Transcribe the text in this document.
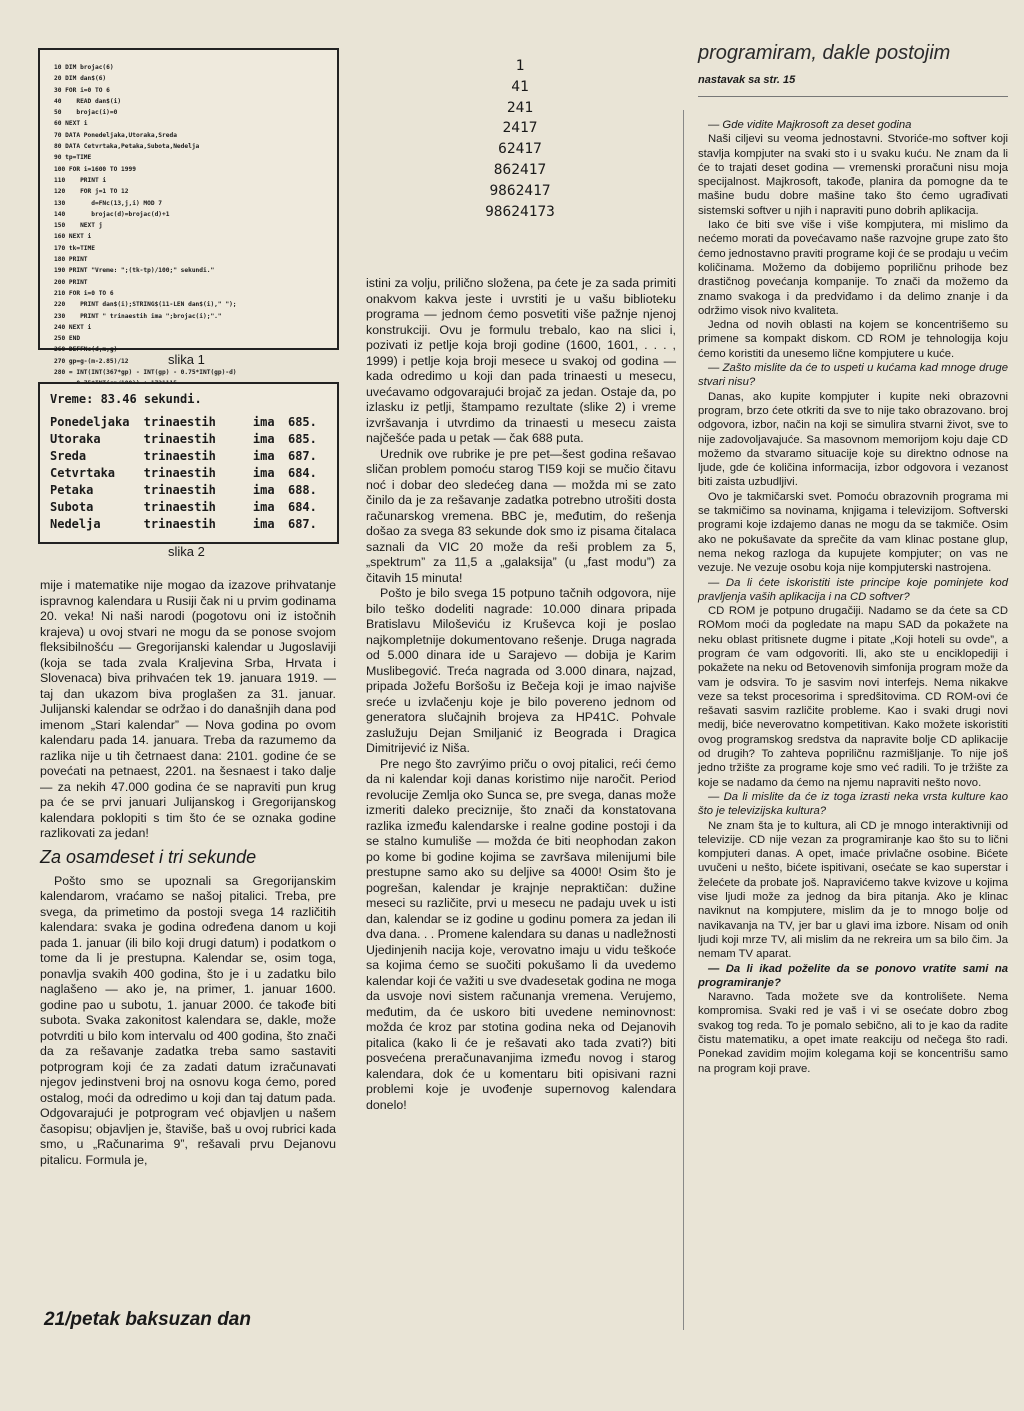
10 DIM brojac(6)
20 DIM dan$(6)
30 FOR i=0 TO 6
40    READ dan$(i)
50    brojac(i)=0
60 NEXT i
70 DATA Ponedeljaka,Utoraka,Sreda
80 DATA Cetvrtaka,Petaka,Subota,Nedelja
90 tp=TIME
100 FOR i=1600 TO 1999
110    PRINT i
120    FOR j=1 TO 12
130       d=FNc(13,j,i) MOD 7
140       brojac(d)=brojac(d)+1
150    NEXT j
160 NEXT i
170 tk=TIME
180 PRINT
190 PRINT "Vreme: ";(tk-tp)/100;" sekundi."
200 PRINT
210 FOR i=0 TO 6
220    PRINT dan$(i);STRING$(11-LEN dan$(i)," ");
230    PRINT " trinaestih ima ";brojac(i);"."
240 NEXT i
250 END
260 DEFFNc(d,m,g)
270 gp=g-(m-2.85)/12
280 = INT(INT(367*gp) - INT(gp) - 0.75*INT(gp)-d)

slika 1
Vreme: 83.46 sekundi.
Ponedeljaka	trinaestih	ima	685.
Utoraka	trinaestih	ima	685.
Sreda	trinaestih	ima	687.
Cetvrtaka	trinaestih	ima	684.
Petaka	trinaestih	ima	688.
Subota	trinaestih	ima	684.
Nedelja	trinaestih	ima	687.
slika 2
1
41
241
2417
62417
862417
9862417
98624173

mije i matematike nije mogao da izazove prihvatanje ispravnog kalendara u Rusiji čak ni u prvim godinama 20. veka! Ni naši narodi (pogotovu oni iz istočnih krajeva) u ovoj stvari ne mogu da se ponose svojom fleksibilnošću — Gregorijanski kalendar u Jugoslaviji (koja se tada zvala Kraljevina Srba, Hrvata i Slovenaca) biva prihvaćen tek 19. januara 1919. — taj dan ukazom biva proglašen za 31. januar. Julijanski kalendar se održao i do današnjih dana pod imenom „Stari kalendar” — Nova godina po ovom kalendaru pada 14. januara. Treba da razumemo da razlika nije u tih četrnaest dana: 2101. godine će se povećati na petnaest, 2201. na šesnaest i tako dalje — za nekih 47.000 godina će se napraviti pun krug pa će se prvi januari Julijanskog i Gregorijanskog kalendara poklopiti s tim što će se oznaka godine razlikovati za jedan!

Za osamdeset i tri sekunde

Pošto smo se upoznali sa Gregorijanskim kalendarom, vraćamo se našoj pitalici. Treba, pre svega, da primetimo da postoji svega 14 različitih kalendara: svaka je godina određena danom u koji pada 1. januar (ili bilo koji drugi datum) i podatkom o tome da li je prestupna. Kalendar se, osim toga, ponavlja svakih 400 godina, što je i u zadatku bilo naglašeno — ako je, na primer, 1. januar 1600. godine pao u subotu, 1. januar 2000. će takođe biti subota. Svaka zakonitost kalendara se, dakle, može potvrditi u bilo kom intervalu od 400 godina, što znači da za rešavanje zadatka treba samo sastaviti potprogram koji će za zadati datum izračunavati njegov jedinstveni broj na osnovu koga ćemo, pored ostalog, moći da odredimo u koji dan taj datum pada. Odgovarajući je potprogram već objavljen u našem časopisu; objavljen je, štaviše, baš u ovoj rubrici kada smo, u „Računarima 9”, rešavali prvu Dejanovu pitalicu. Formula je,

21/petak baksuzan dan

istini za volju, prilično složena, pa ćete je za sada primiti onakvom kakva jeste i uvrstiti je u vašu biblioteku programa — jednom ćemo posvetiti više pažnje njenoj konstrukciji. Ovu je formulu trebalo, kao na slici i, pozivati iz petlje koja broji godine (1600, 1601, . . . , 1999) i petlje koja broji mesece u svakoj od godina — kada odredimo u koji dan pada trinaesti u mesecu, uvećavamo odgovarajući brojač za jedan. Ostaje da, po izlasku iz petlji, štampamo rezultate (slike 2) i vreme izvršavanja i utvrdimo da trinaesti u mesecu zaista najčešće pada u petak — čak 688 puta.

Urednik ove rubrike je pre pet—šest godina rešavao sličan problem pomoću starog TI59 koji se mučio čitavu noć i dobar deo sledećeg dana — možda mi se zato činilo da je za rešavanje zadatka potrebno utrošiti dosta računarskog vremena. BBC je, međutim, do rešenja došao za svega 83 sekunde dok smo iz pisama čitalaca saznali da VIC 20 može da reši problem za 5, „spektrum” za 11,5 a „galaksija” (u „fast modu”) za čitavih 15 minuta!

Pošto je bilo svega 15 potpuno tačnih odgovora, nije bilo teško dodeliti nagrade: 10.000 dinara pripada Bratislavu Miloševiću iz Kruševca koji je poslao najkompletnije dokumentovano rešenje. Druga nagrada od 5.000 dinara ide u Sarajevo — dobija je Karim Muslibegović. Treća nagrada od 3.000 dinara, najzad, pripada Jožefu Boršošu iz Bečeja koji je imao najviše sreće u izvlačenju koje je bilo povereno jednom od generatora slučajnih brojeva za HP41C. Pohvale zaslužuju Dejan Smiljanić iz Beograda i Dragica Dimitrijević iz Niša.

Pre nego što zavrýimo priču o ovoj pitalici, reći ćemo da ni kalendar koji danas koristimo nije naročit. Period revolucije Zemlja oko Sunca se, pre svega, danas može izmeriti daleko preciznije, što znači da konstatovana razlika između kalendarske i realne godine postoji i da se stalno kumuliše — možda će biti neophodan zakon po kome bi godine kojima se završava milenijumi bile prestupne samo ako su deljive sa 4000! Osim što je pogrešan, kalendar je krajnje nepraktičan: dužine meseci su različite, prvi u mesecu ne padaju uvek u isti dan, kalendar se iz godine u godinu pomera za jedan ili dva dana. . . Promene kalendara su danas u nadležnosti Ujedinjenih nacija koje, verovatno imaju u vidu teškoće sa kojima ćemo se suočiti pokušamo li da uvedemo kalendar koji će važiti u sve dvadesetak godina ne moga da usvoje novi sistem računanja vremena. Verujemo, međutim, da će uskoro biti uvedene neminovnost: možda će kroz par stotina godina neka od Dejanovih pitalica (kako li će je rešavati ako tada zvati?) biti posvećena preračunavanjima između novog i starog kalendara, dok će u komentaru biti opisivani razni problemi koje je uvođenje supernovog kalendara donelo!

programiram, dakle postojim
nastavak sa str. 15

— Gde vidite Majkrosoft za deset godina

Naši ciljevi su veoma jednostavni. Stvoriće-mo softver koji stavlja kompjuter na svaki sto i u svaku kuću. Ne znam da li će to trajati deset godina — vremenski proračuni nisu moja specijalnost. Majkrosoft, takođe, planira da pomogne da te mašine budu dobre mašine tako što ćemo ugrađivati sistemski softver u njih i napraviti puno dobrih aplikacija.

Iako će biti sve više i više kompjutera, mi mislimo da nećemo morati da povećavamo naše razvojne grupe zato što ćemo jednostavno praviti programe koji će se prodaju u većim količinama. Možemo da dobijemo popriličnu prihode bez drastičnog povećanja kompanije. To znači da možemo da znamo svakoga i da predviđamo i da delimo znanje i da održimo visok nivo kvaliteta.

Jedna od novih oblasti na kojem se koncentrišemo su primene sa kompakt diskom. CD ROM je tehnologija koju ćemo koristiti da unesemo lične kompjutere u kuće.

— Zašto mislite da će to uspeti u kućama kad mnoge druge stvari nisu?

Danas, ako kupite kompjuter i kupite neki obrazovni program, brzo ćete otkriti da sve to nije tako obrazovano. broj odgovora, izbor, način na koji se simulira stvarni život, sve to nije zadovoljavajuće. Sa masovnom memorijom koju daje CD možemo da stvaramo situacije koje su direktno odnose na ljude, gde će količina informacija, izbor odgovora i vezanost biti zaista uzbudljivi.

Ovo je takmičarski svet. Pomoću obrazovnih programa mi se takmičimo sa novinama, knjigama i televizijom. Softverski programi koje izdajemo danas ne mogu da se takmiče. Osim ako ne pokušavate da sprečite da vam klinac postane glup, nema nekog razloga da kupujete kompjuter; on vas ne vezuje. Ne vezuje osobu koja nije kompjuterski nastrojena.

— Da li ćete iskoristiti iste principe koje pominjete kod pravljenja vaših aplikacija i na CD softver?

CD ROM je potpuno drugačiji. Nadamo se da ćete sa CD ROMom moći da pogledate na mapu SAD da pokažete na neku oblast pritisnete dugme i pitate „Koji hoteli su ovde”, a program će vam odgovoriti. Ili, ako ste u enciklopediji i pokažete na neku od Betovenovih simfonija program može da vam je odsvira. To je sasvim novi interfejs. Nema nikakve veze sa tekst procesorima i spredšitovima. CD ROM-ovi će rešavati sasvim različite probleme. Kao i svaki drugi novi medij, biće neverovatno kompetitivan. Kako možete iskoristiti ovog programskog sredstva da napravite bolje CD aplikacije od drugih? To zahteva popriličnu razmišljanje. To nije još jedno tržište za programe koje smo već radili. To je tržište za koje se nadamo da ćemo na njemu napraviti nešto novo.

— Da li mislite da će iz toga izrasti neka vrsta kulture kao što je televizijska kultura?

Ne znam šta je to kultura, ali CD je mnogo interaktivniji od televizije. CD nije vezan za programiranje kao što su to lični kompjuteri danas. A opet, imaće privlačne osobine. Bićete uvučeni u nešto, bićete ispitivani, osećate se kao superstar i želećete da probate još. Napravićemo takve kvizove u kojima vise ljudi može za jednog da bira pitanja. Ako je klinac naviknut na kompjutere, mislim da je to mnogo bolje od navikavanja na TV, jer bar u glavi ima izbore. Nisam od onih ljudi koji mrze TV, ali mislim da ne rekreira um sa bilo čim. Ja nemam TV aparat.

— Da li ikad poželite da se ponovo vratite sami na programiranje?

Naravno. Tada možete sve da kontrolišete. Nema kompromisa. Svaki red je vaš i vi se osećate dobro zbog svakog tog reda. To je pomalo sebično, ali to je kao da radite čistu matematiku, a opet imate reakciju od nečega što radi. Ponekad zavidim mojim kolegama koji se koncentrišu samo na program koji prave.
